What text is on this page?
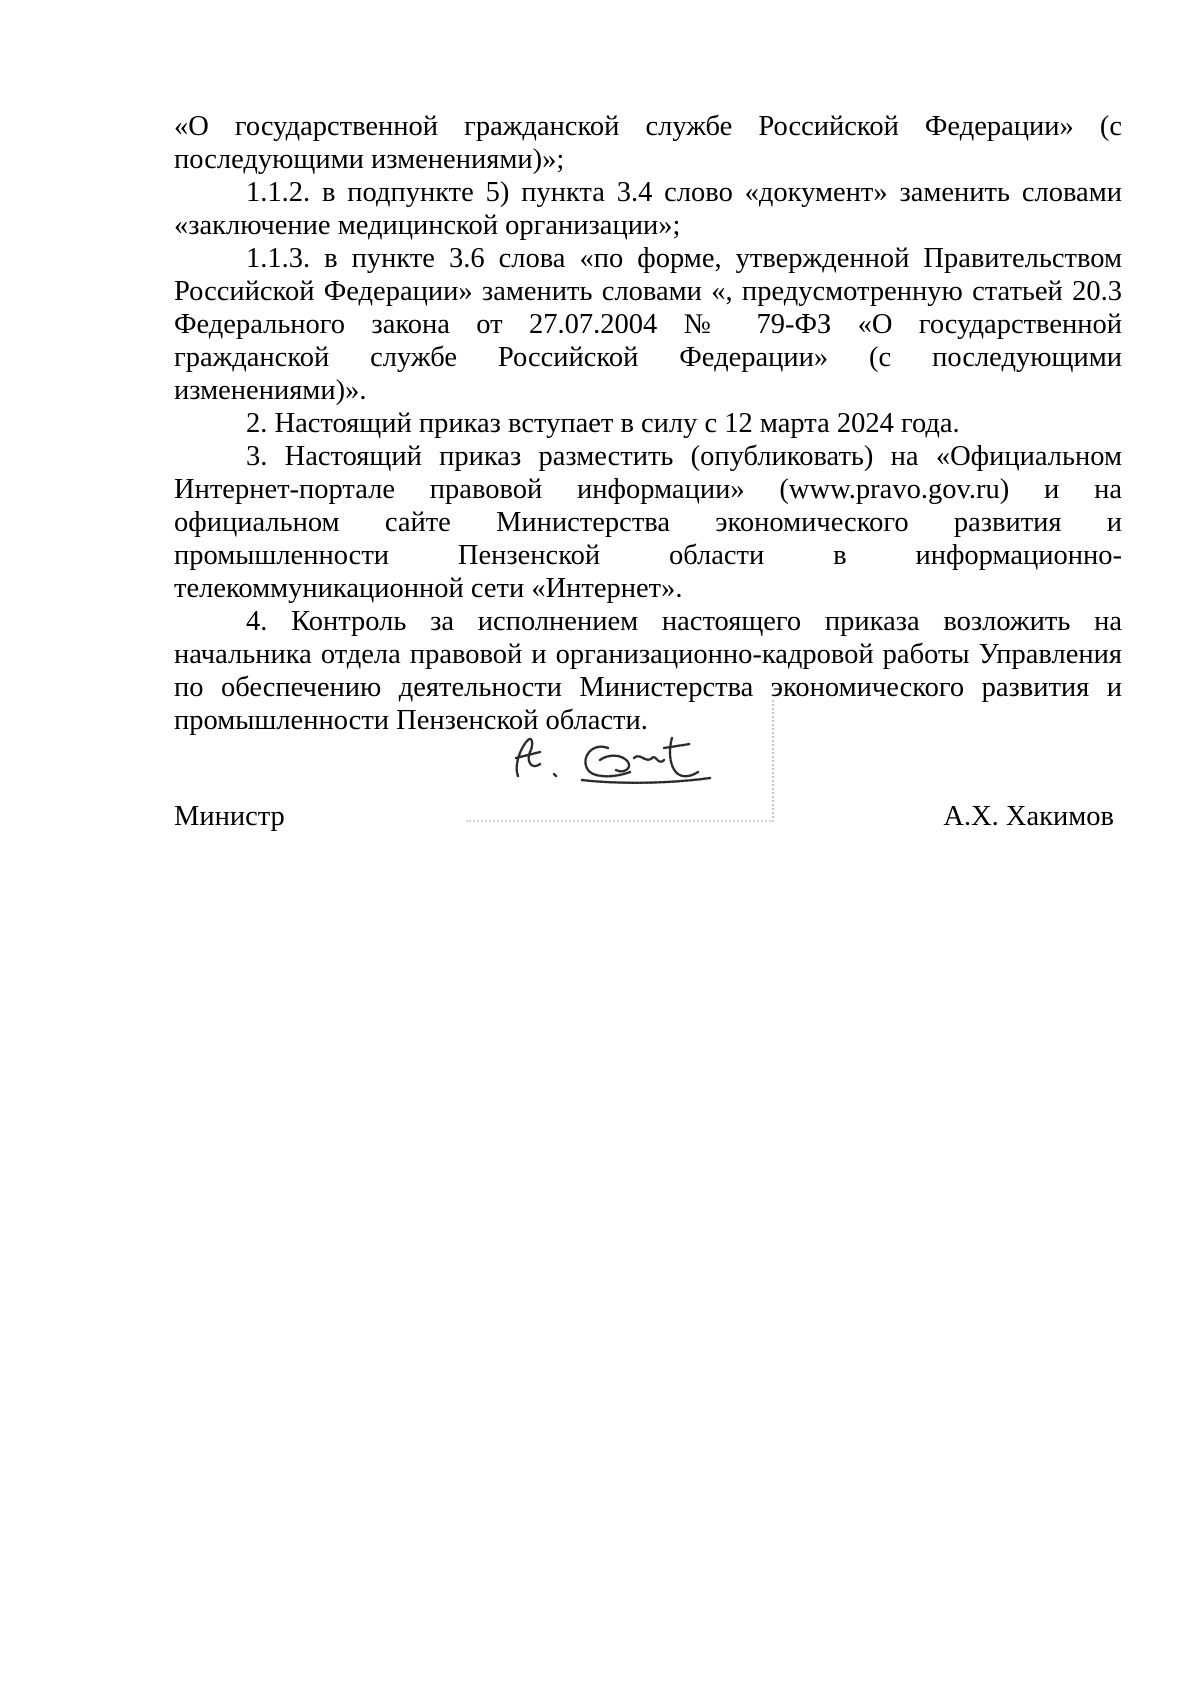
«О государственной гражданской службе Российской Федерации» (с последующими изменениями)»;

1.1.2. в подпункте 5) пункта 3.4 слово «документ» заменить словами «заключение медицинской организации»;

1.1.3. в пункте 3.6 слова «по форме, утвержденной Правительством Российской Федерации» заменить словами «, предусмотренную статьей 20.3 Федерального закона от 27.07.2004 № 79-ФЗ «О государственной гражданской службе Российской Федерации» (с последующими изменениями)».

2. Настоящий приказ вступает в силу с 12 марта 2024 года.

3. Настоящий приказ разместить (опубликовать) на «Официальном Интернет-портале правовой информации» (www.pravo.gov.ru) и на официальном сайте Министерства экономического развития и промышленности Пензенской области в информационно-телекоммуникационной сети «Интернет».

4. Контроль за исполнением настоящего приказа возложить на начальника отдела правовой и организационно-кадровой работы Управления по обеспечению деятельности Министерства экономического развития и промышленности Пензенской области.

Министр	А.Х. Хакимов
